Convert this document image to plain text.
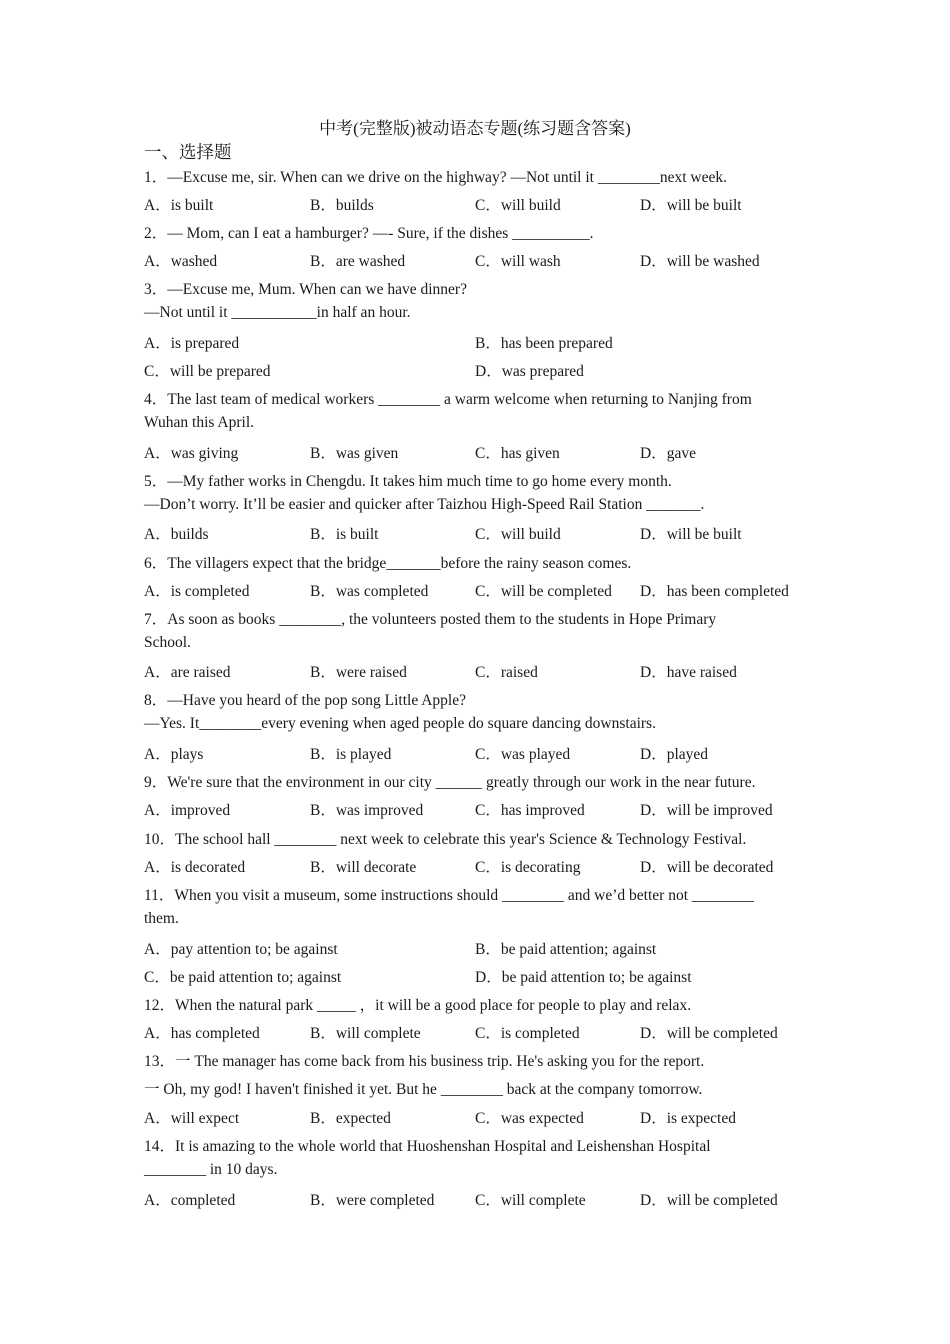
中考(完整版)被动语态专题(练习题含答案)
一、选择题
1．—Excuse me, sir. When can we drive on the highway? —Not until it ________next week.
A．is built	B．builds	C．will build	D．will be built
2．— Mom, can I eat a hamburger? —- Sure, if the dishes __________.
A．washed	B．are washed	C．will wash	D．will be washed
3．—Excuse me, Mum. When can we have dinner?
—Not until it ___________in half an hour.
A．is prepared	B．has been prepared
C．will be prepared	D．was prepared
4．The last team of medical workers ________ a warm welcome when returning to Nanjing from
Wuhan this April.
A．was giving	B．was given	C．has given	D．gave
5．—My father works in Chengdu. It takes him much time to go home every month.
—Don’t worry. It’ll be easier and quicker after Taizhou High-Speed Rail Station _______.
A．builds	B．is built	C．will build	D．will be built
6．The villagers expect that the bridge_______before the rainy season comes.
A．is completed	B．was completed	C．will be completed D．has been completed
7．As soon as books ________, the volunteers posted them to the students in Hope Primary
School.
A．are raised	B．were raised	C．raised	D．have raised
8．—Have you heard of the pop song Little Apple?
—Yes. It________every evening when aged people do square dancing downstairs.
A．plays	B．is played	C．was played	D．played
9．We're sure that the environment in our city ______ greatly through our work in the near future.
A．improved	B．was improved	C．has improved	D．will be improved
10．The school hall ________ next week to celebrate this year's Science & Technology Festival.
A．is decorated	B．will decorate	C．is decorating	D．will be decorated
11．When you visit a museum, some instructions should ________ and we’d better not ________
them.
A．pay attention to; be against	B．be paid attention; against
C．be paid attention to; against	D．be paid attention to; be against
12．When the natural park _____ ，it will be a good place for people to play and relax.
A．has completed	B．will complete	C．is completed	D．will be completed
13．一 The manager has come back from his business trip. He's asking you for the report.
一 Oh, my god! I haven't finished it yet. But he ________ back at the company tomorrow.
A．will expect	B．expected	C．was expected	D．is expected
14．It is amazing to the whole world that Huoshenshan Hospital and Leishenshan Hospital
________ in 10 days.
A．completed	B．were completed	C．will complete	D．will be completed
